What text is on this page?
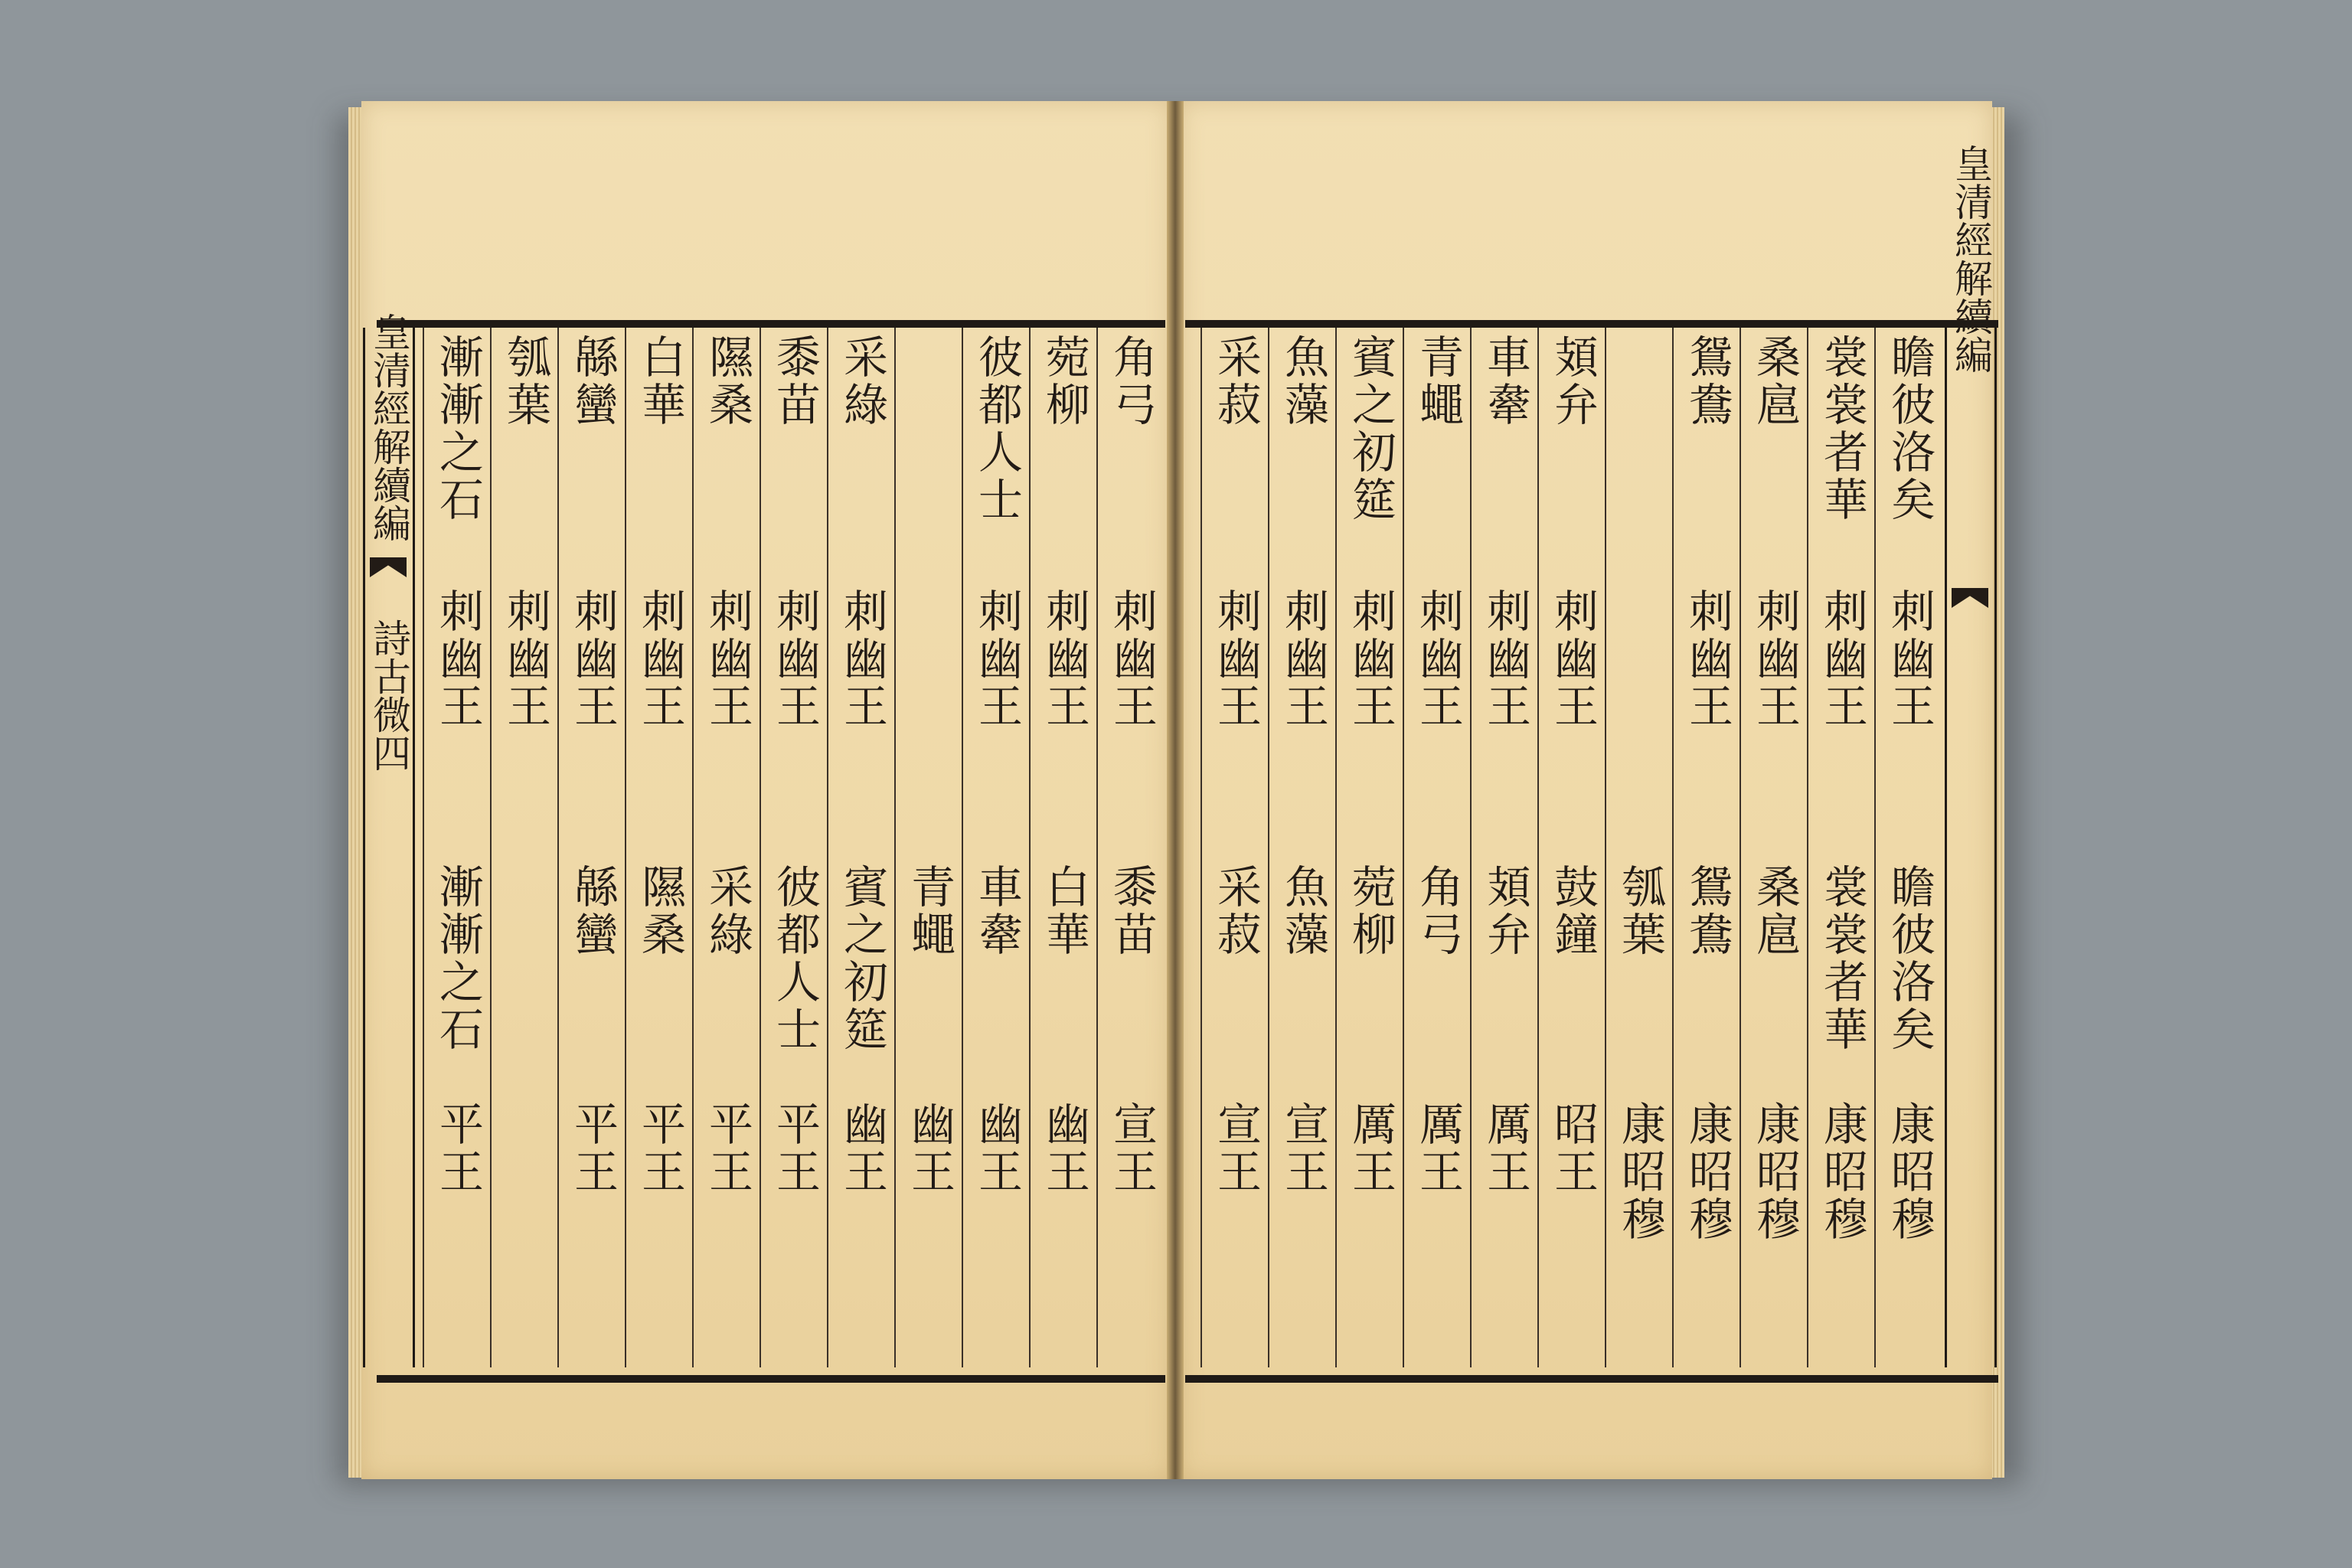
皇清經解續編
皇清經解續編
詩古微四
瞻彼洛矣
刺幽王
瞻彼洛矣
康昭穆
裳裳者華
刺幽王
裳裳者華
康昭穆
桑扈
刺幽王
桑扈
康昭穆
鴛鴦
刺幽王
鴛鴦
康昭穆
瓠葉
康昭穆
頍弁
刺幽王
鼓鐘
昭王
車舝
刺幽王
頍弁
厲王
青蠅
刺幽王
角弓
厲王
賓之初筵
刺幽王
菀柳
厲王
魚藻
刺幽王
魚藻
宣王
采菽
刺幽王
采菽
宣王
角弓
刺幽王
黍苗
宣王
菀柳
刺幽王
白華
幽王
彼都人士
刺幽王
車舝
幽王
青蠅
幽王
采綠
刺幽王
賓之初筵
幽王
黍苗
刺幽王
彼都人士
平王
隰桑
刺幽王
采綠
平王
白華
刺幽王
隰桑
平王
緜蠻
刺幽王
緜蠻
平王
瓠葉
刺幽王
漸漸之石
刺幽王
漸漸之石
平王
